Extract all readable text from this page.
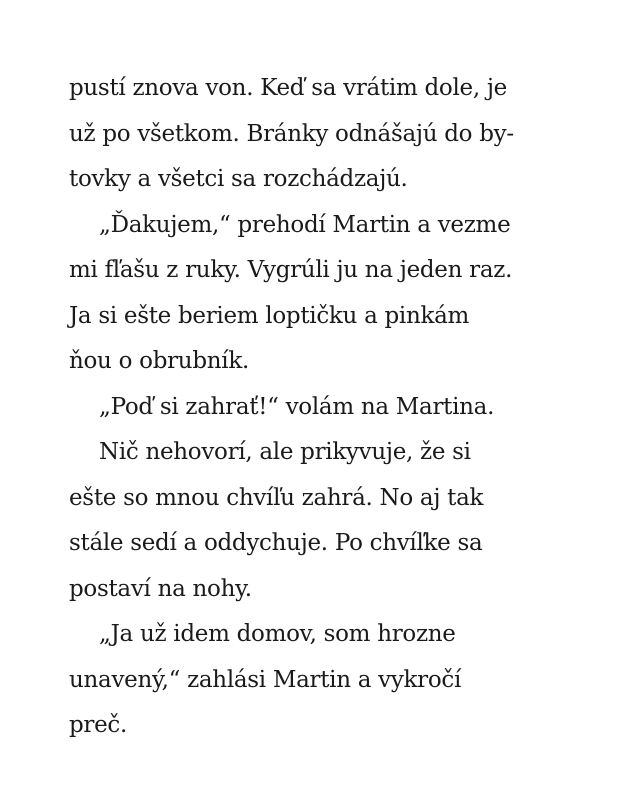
pustí znova von. Keď sa vrátim dole, je
už po všetkom. Bránky odnášajú do by-
tovky a všetci sa rozchádzajú.
„Ďakujem,“ prehodí Martin a vezme
mi fľašu z ruky. Vygrúli ju na jeden raz.
Ja si ešte beriem loptičku a pinkám
ňou o obrubník.
„Poď si zahrať!“ volám na Martina.
Nič nehovorí, ale prikyvuje, že si
ešte so mnou chvíľu zahrá. No aj tak
stále sedí a oddychuje. Po chvíľke sa
postaví na nohy.
„Ja už idem domov, som hrozne
unavený,“ zahlási Martin a vykročí
preč.
